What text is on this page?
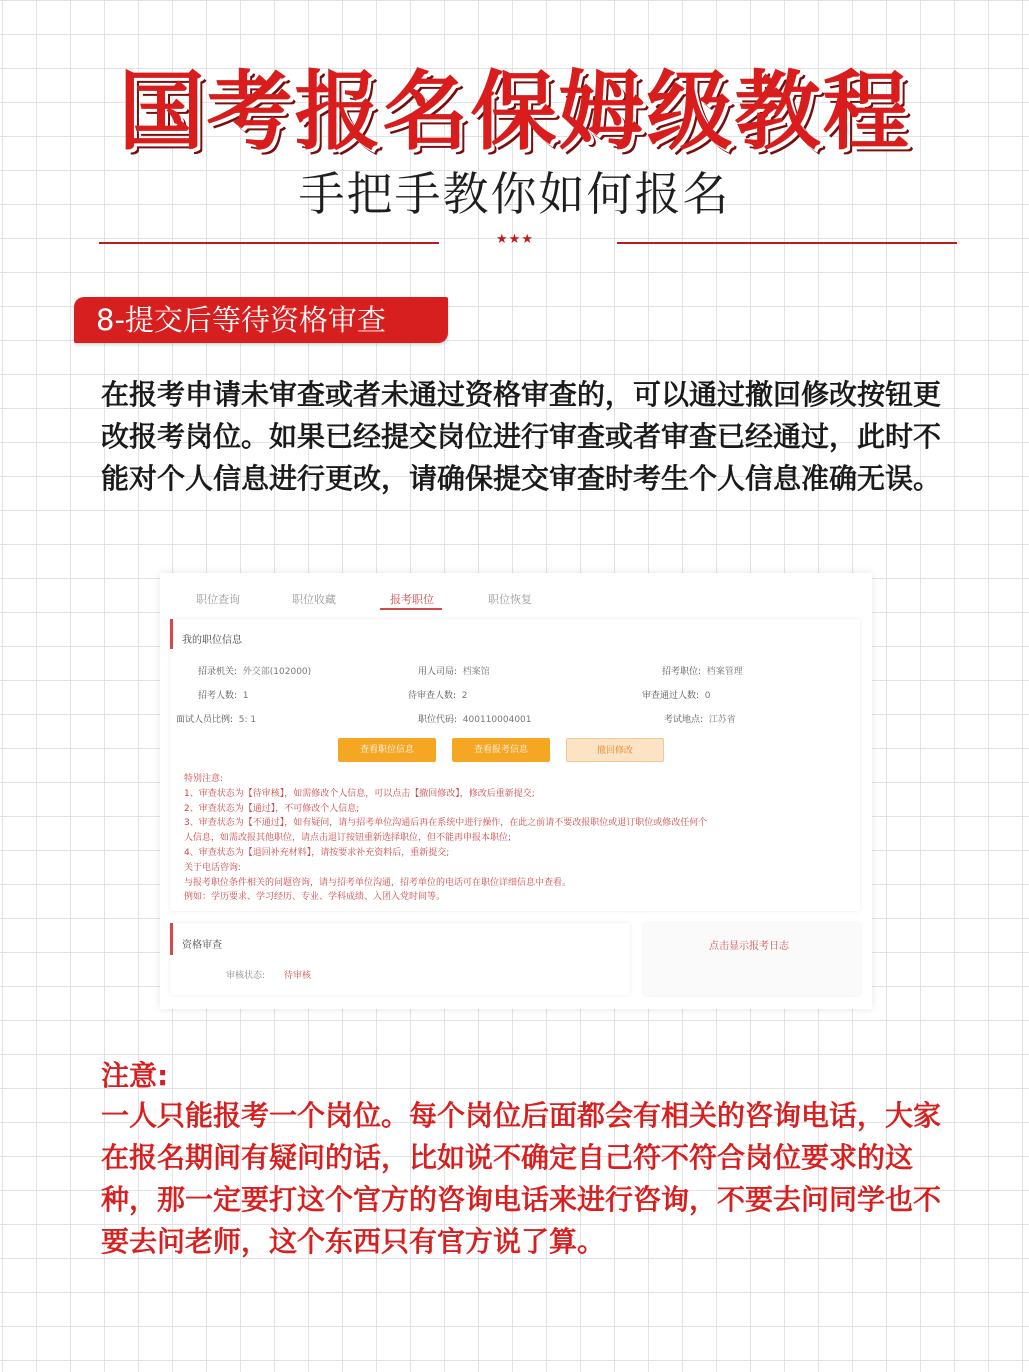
国考报名保姆级教程
手把手教你如何报名
★★★
8-提交后等待资格审查
在报考申请未审查或者未通过资格审查的，可以通过撤回修改按钮更改报考岗位。如果已经提交岗位进行审查或者审查已经通过，此时不能对个人信息进行更改，请确保提交审查时考生个人信息准确无误。
职位查询	职位收藏	报考职位	职位恢复
我的职位信息
招录机关: 外交部(102000)	用人司局: 档案馆	招考职位: 档案管理
招考人数: 1	待审查人数: 2	审查通过人数: 0
面试人员比例: 5: 1	职位代码: 400110004001	考试地点: 江苏省
查看职位信息	查看报考信息	撤回修改
特别注意:
1、审查状态为【待审核】，如需修改个人信息，可以点击【撤回修改】，修改后重新提交;
2、审查状态为【通过】，不可修改个人信息;
3、审查状态为【不通过】，如有疑问，请与招考单位沟通后再在系统中进行操作，在此之前请不要改报职位或退订职位或修改任何个
人信息，如需改报其他职位，请点击退订按钮重新选择职位，但不能再申报本职位;
4、审查状态为【退回补充材料】，请按要求补充资料后，重新提交;
关于电话咨询:
与报考职位条件相关的问题咨询，请与招考单位沟通，招考单位的电话可在职位详细信息中查看。
例如：学历要求、学习经历、专业、学科成绩、入团入党时间等。
资格审查
审核状态: 待审核
点击显示报考日志
注意:
一人只能报考一个岗位。每个岗位后面都会有相关的咨询电话，大家在报名期间有疑问的话，比如说不确定自己符不符合岗位要求的这种，那一定要打这个官方的咨询电话来进行咨询，不要去问同学也不要去问老师，这个东西只有官方说了算。
